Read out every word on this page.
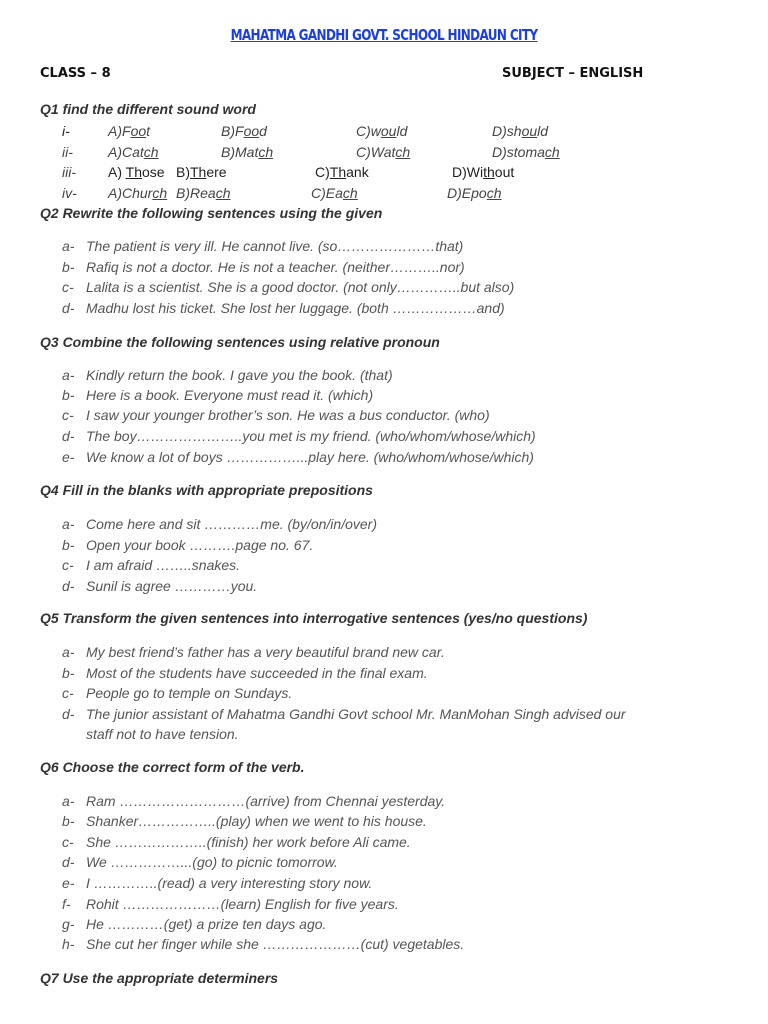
MAHATMA GANDHI GOVT. SCHOOL HINDAUN CITY
CLASS – 8	SUBJECT – ENGLISH
Q1 find the different sound word
i-	A)Foot	B)Food	C)would	D)should
ii-	A)Catch	B)Match	C)Watch	D)stomach
iii- A) Those B)There	C)Thank	D)Without
iv- A)Church B)Reach	C)Each	D)Epoch
Q2 Rewrite the following sentences using the given
a- The patient is very ill. He cannot live. (so…………………that)
b- Rafiq is not a doctor. He is not a teacher. (neither………..nor)
c- Lalita is a scientist. She is a good doctor. (not only…………..but also)
d- Madhu lost his ticket. She lost her luggage. (both ………………and)
Q3 Combine the following sentences using relative pronoun
a- Kindly return the book. I gave you the book. (that)
b- Here is a book. Everyone must read it. (which)
c- I saw your younger brother’s son. He was a bus conductor. (who)
d- The boy…………………..you met is my friend. (who/whom/whose/which)
e- We know a lot of boys ……………...play here. (who/whom/whose/which)
Q4 Fill in the blanks with appropriate prepositions
a- Come here and sit …………me. (by/on/in/over)
b- Open your book ……….page no. 67.
c- I am afraid ……..snakes.
d- Sunil is agree …………you.
Q5 Transform the given sentences into interrogative sentences (yes/no questions)
a- My best friend’s father has a very beautiful brand new car.
b- Most of the students have succeeded in the final exam.
c- People go to temple on Sundays.
d- The junior assistant of Mahatma Gandhi Govt school Mr. ManMohan Singh advised our
staff not to have tension.
Q6 Choose the correct form of the verb.
a- Ram ………………………(arrive) from Chennai yesterday.
b- Shanker……………..(play) when we went to his house.
c- She ………………..(finish) her work before Ali came.
d- We ……………...(go) to picnic tomorrow.
e- I …………..(read) a very interesting story now.
f- Rohit …………………(learn) English for five years.
g- He …………(get) a prize ten days ago.
h- She cut her finger while she …………………(cut) vegetables.
Q7 Use the appropriate determiners
